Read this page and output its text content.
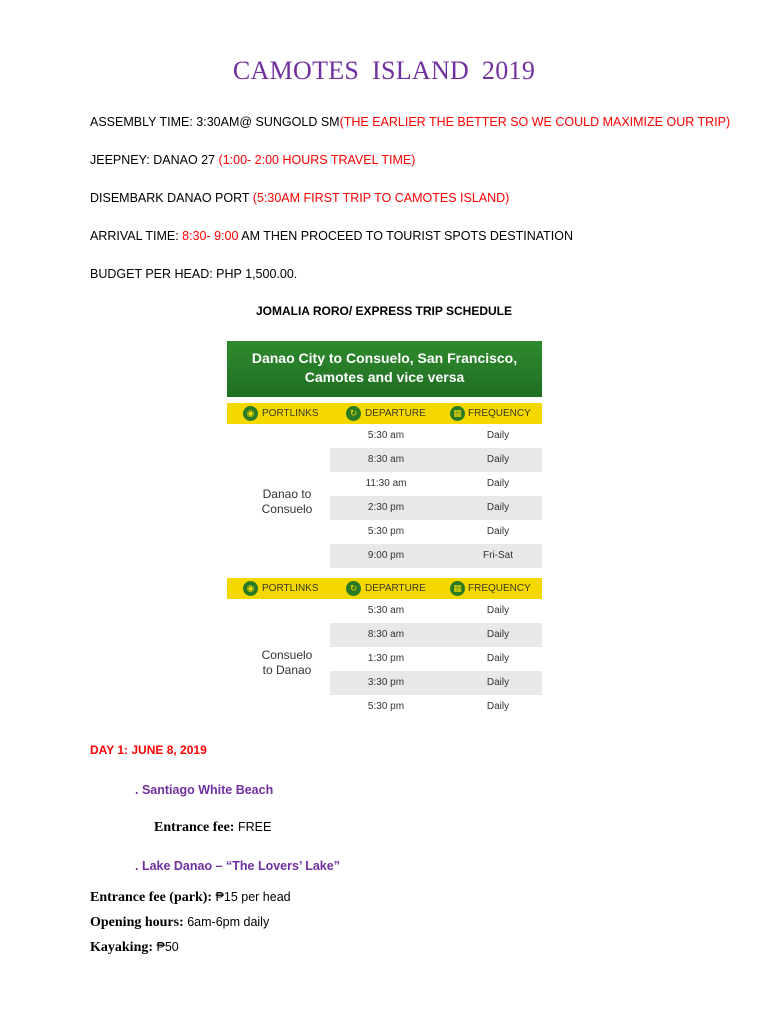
CAMOTES ISLAND 2019
ASSEMBLY TIME: 3:30AM@ SUNGOLD SM(THE EARLIER THE BETTER SO WE COULD MAXIMIZE OUR TRIP)
JEEPNEY: DANAO 27 (1:00- 2:00 HOURS TRAVEL TIME)
DISEMBARK DANAO PORT (5:30AM FIRST TRIP TO CAMOTES ISLAND)
ARRIVAL TIME: 8:30- 9:00 AM THEN PROCEED TO TOURIST SPOTS DESTINATION
BUDGET PER HEAD: PHP 1,500.00.
JOMALIA RORO/ EXPRESS TRIP SCHEDULE
Danao City to Consuelo, San Francisco,
Camotes and vice versa
◉ PORTLINKS	↻ DEPARTURE	▦ FREQUENCY
Danao to
Consuelo
5:30 am	Daily
8:30 am	Daily
11:30 am	Daily
2:30 pm	Daily
5:30 pm	Daily
9:00 pm	Fri-Sat
◉ PORTLINKS	↻ DEPARTURE	▦ FREQUENCY
Consuelo
to Danao
5:30 am	Daily
8:30 am	Daily
1:30 pm	Daily
3:30 pm	Daily
5:30 pm	Daily
DAY 1: JUNE 8, 2019
. Santiago White Beach
Entrance fee: FREE
. Lake Danao – “The Lovers’ Lake”
Entrance fee (park): ₱15 per head
Opening hours: 6am-6pm daily
Kayaking: ₱50
